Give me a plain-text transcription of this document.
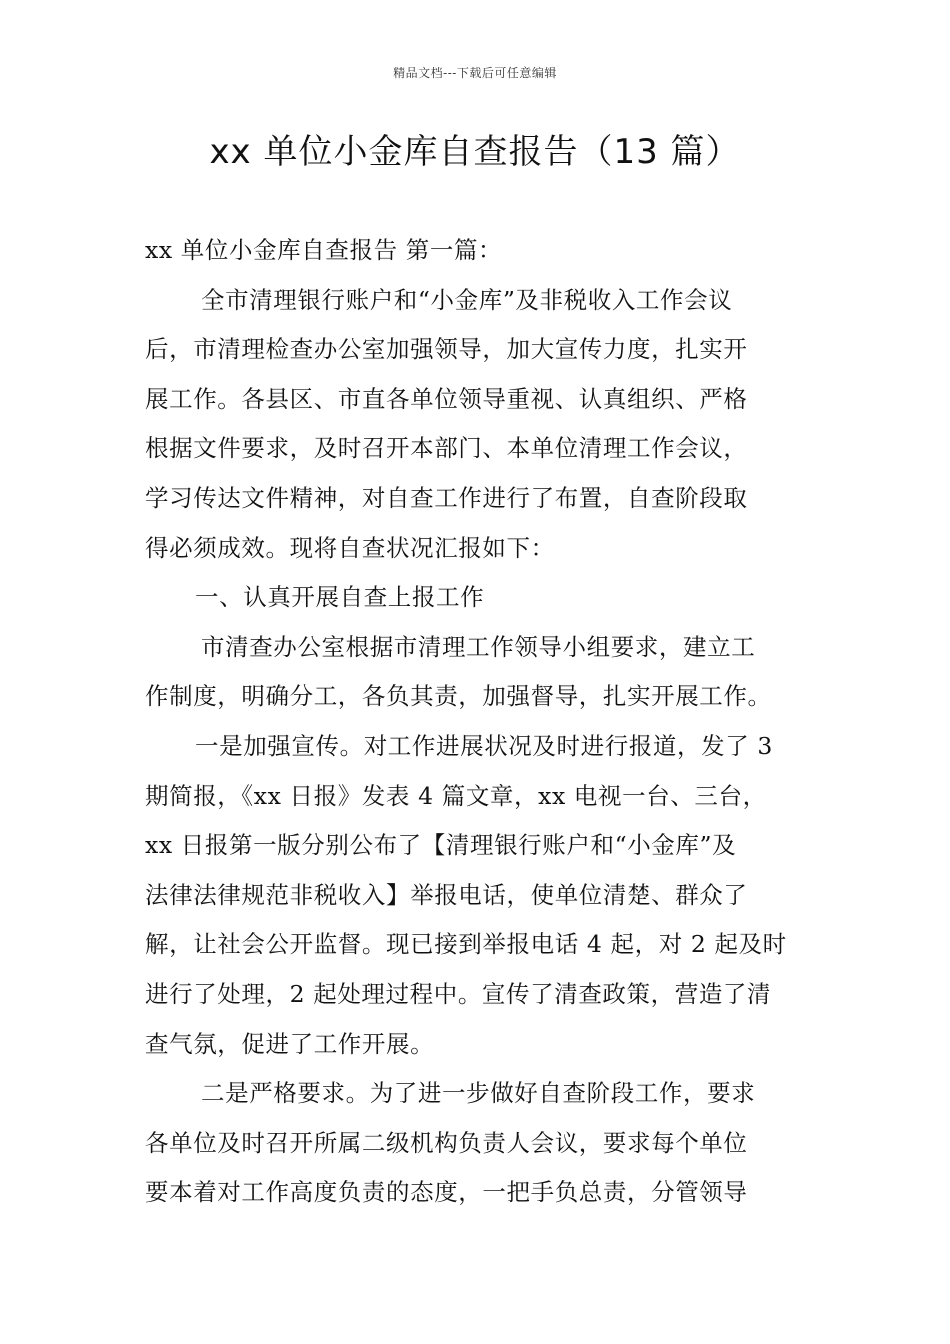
精品文档---下载后可任意编辑
xx 单位小金库自查报告（13 篇）
xx 单位小金库自查报告 第一篇：
全市清理银行账户和“小金库”及非税收入工作会议
后，市清理检查办公室加强领导，加大宣传力度，扎实开
展工作。各县区、市直各单位领导重视、认真组织、严格
根据文件要求，及时召开本部门、本单位清理工作会议，
学习传达文件精神，对自查工作进行了布置，自查阶段取
得必须成效。现将自查状况汇报如下：
一、认真开展自查上报工作
市清查办公室根据市清理工作领导小组要求，建立工
作制度，明确分工，各负其责，加强督导，扎实开展工作。
一是加强宣传。对工作进展状况及时进行报道，发了 3
期简报，《xx 日报》发表 4 篇文章，xx 电视一台、三台，
xx 日报第一版分别公布了【清理银行账户和“小金库”及
法律法律规范非税收入】举报电话，使单位清楚、群众了
解，让社会公开监督。现已接到举报电话 4 起，对 2 起及时
进行了处理，2 起处理过程中。宣传了清查政策，营造了清
查气氛，促进了工作开展。
二是严格要求。为了进一步做好自查阶段工作，要求
各单位及时召开所属二级机构负责人会议，要求每个单位
要本着对工作高度负责的态度，一把手负总责，分管领导
